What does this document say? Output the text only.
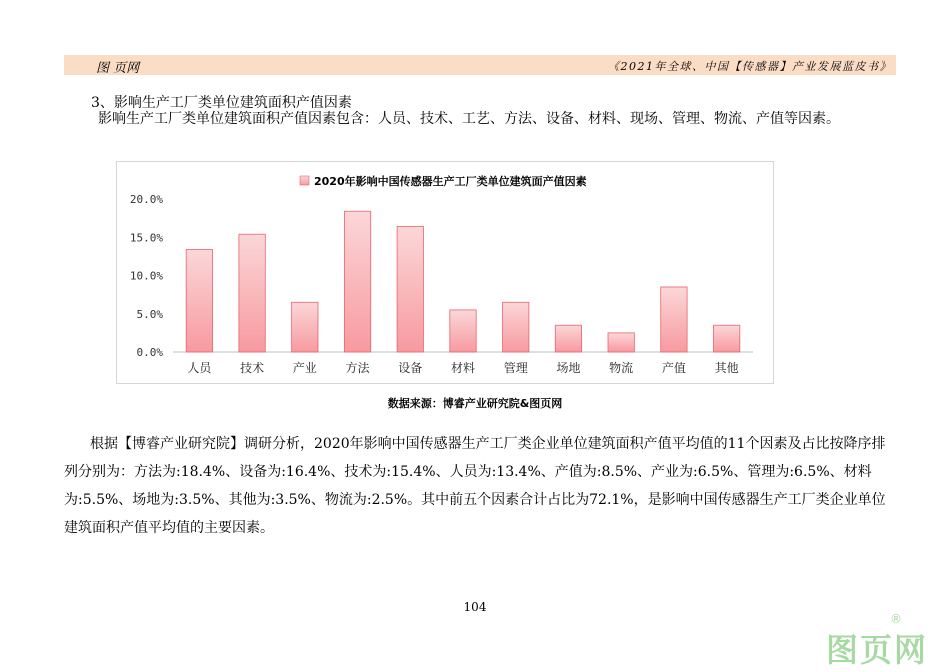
图 页网	《2021年全球、中国【传感器】产业发展蓝皮书》
3、影响生产工厂类单位建筑面积产值因素
影响生产工厂类单位建筑面积产值因素包含：人员、技术、工艺、方法、设备、材料、现场、管理、物流、产值等因素。
2020年影响中国传感器生产工厂类单位建筑面产值因素
0.0%
5.0%
10.0%
15.0%
20.0%
人员 技术 产业 方法 设备 材料 管理 场地 物流 产值 其他
数据来源：博睿产业研究院&图页网
根据【博睿产业研究院】调研分析，2020年影响中国传感器生产工厂类企业单位建筑面积产值平均值的11个因素及占比按降序排列分别为：方法为:18.4%、设备为:16.4%、技术为:15.4%、人员为:13.4%、产值为:8.5%、产业为:6.5%、管理为:6.5%、材料为:5.5%、场地为:3.5%、其他为:3.5%、物流为:2.5%。其中前五个因素合计占比为72.1%，是影响中国传感器生产工厂类企业单位建筑面积产值平均值的主要因素。
104
图页网
®
